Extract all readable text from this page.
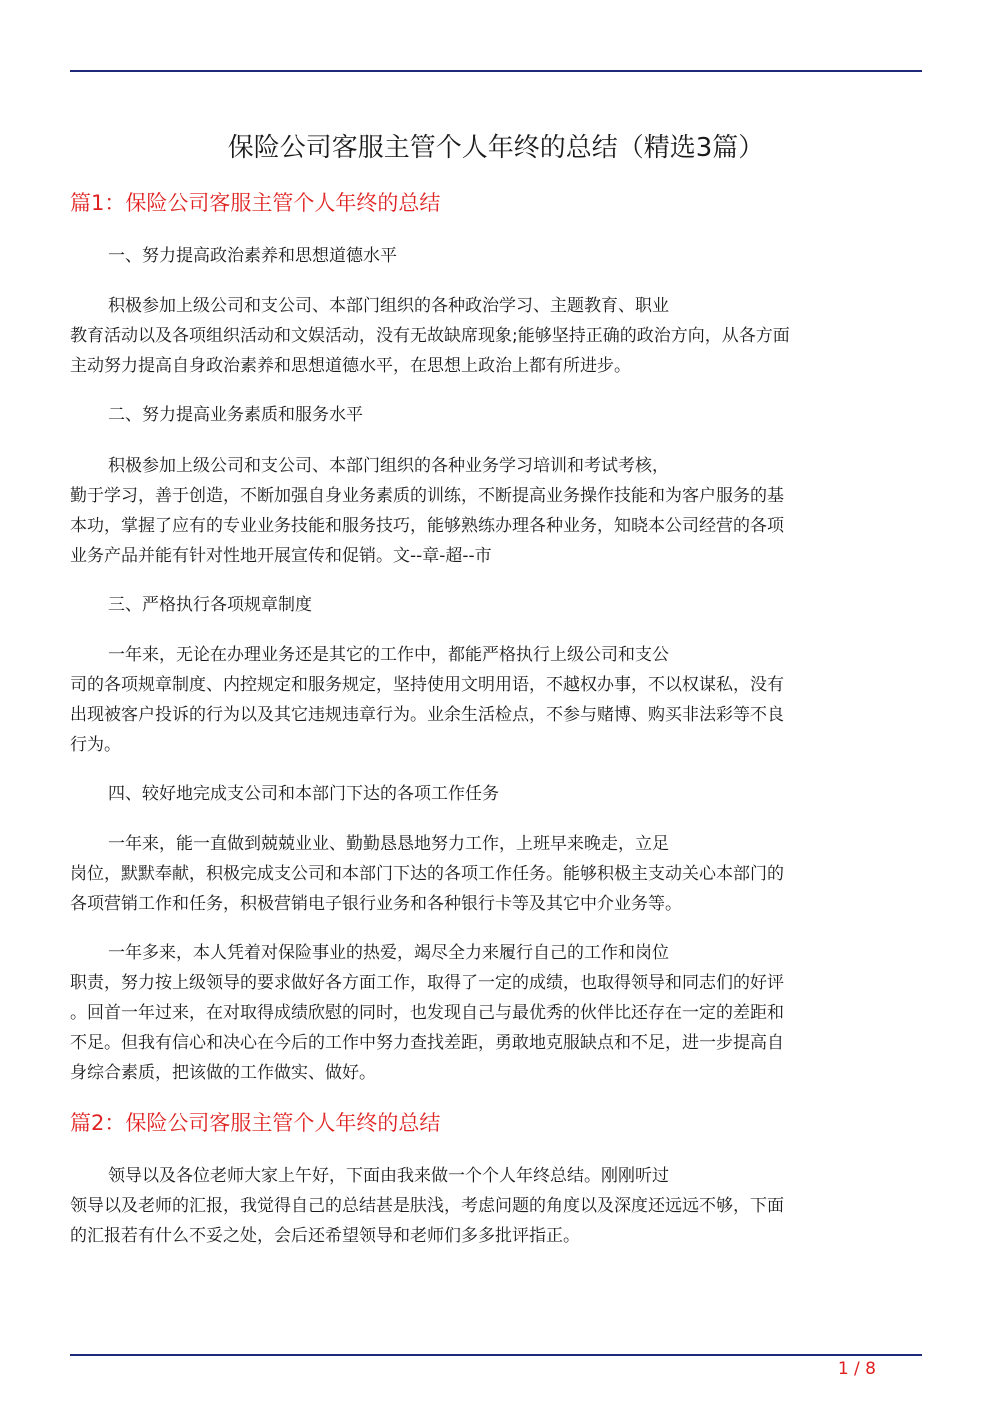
保险公司客服主管个人年终的总结（精选3篇）
篇1：保险公司客服主管个人年终的总结
一、努力提高政治素养和思想道德水平
积极参加上级公司和支公司、本部门组织的各种政治学习、主题教育、职业
教育活动以及各项组织活动和文娱活动，没有无故缺席现象;能够坚持正确的政治方向，从各方面
主动努力提高自身政治素养和思想道德水平，在思想上政治上都有所进步。
二、努力提高业务素质和服务水平
积极参加上级公司和支公司、本部门组织的各种业务学习培训和考试考核，
勤于学习，善于创造，不断加强自身业务素质的训练，不断提高业务操作技能和为客户服务的基
本功，掌握了应有的专业业务技能和服务技巧，能够熟练办理各种业务，知晓本公司经营的各项
业务产品并能有针对性地开展宣传和促销。文--章-超--市
三、严格执行各项规章制度
一年来，无论在办理业务还是其它的工作中，都能严格执行上级公司和支公
司的各项规章制度、内控规定和服务规定，坚持使用文明用语，不越权办事，不以权谋私，没有
出现被客户投诉的行为以及其它违规违章行为。业余生活检点，不参与赌博、购买非法彩等不良
行为。
四、较好地完成支公司和本部门下达的各项工作任务
一年来，能一直做到兢兢业业、勤勤恳恳地努力工作，上班早来晚走，立足
岗位，默默奉献，积极完成支公司和本部门下达的各项工作任务。能够积极主支动关心本部门的
各项营销工作和任务，积极营销电子银行业务和各种银行卡等及其它中介业务等。
一年多来，本人凭着对保险事业的热爱，竭尽全力来履行自己的工作和岗位
职责，努力按上级领导的要求做好各方面工作，取得了一定的成绩，也取得领导和同志们的好评
。回首一年过来，在对取得成绩欣慰的同时，也发现自己与最优秀的伙伴比还存在一定的差距和
不足。但我有信心和决心在今后的工作中努力查找差距，勇敢地克服缺点和不足，进一步提高自
身综合素质，把该做的工作做实、做好。
篇2：保险公司客服主管个人年终的总结
领导以及各位老师大家上午好，下面由我来做一个个人年终总结。刚刚听过
领导以及老师的汇报，我觉得自己的总结甚是肤浅，考虑问题的角度以及深度还远远不够，下面
的汇报若有什么不妥之处，会后还希望领导和老师们多多批评指正。
1 / 8
